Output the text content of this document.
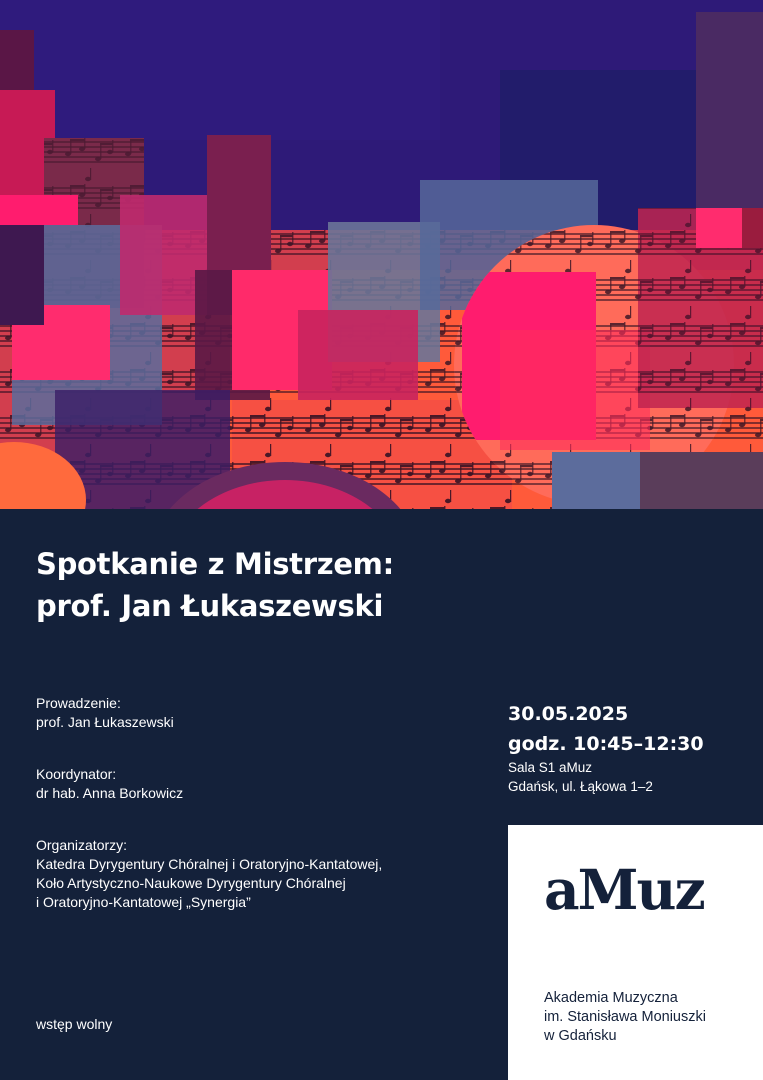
Spotkanie z Mistrzem:
prof. Jan Łukaszewski
Prowadzenie:
prof. Jan Łukaszewski
Koordynator:
dr hab. Anna Borkowicz
Organizatorzy:
Katedra Dyrygentury Chóralnej i Oratoryjno-Kantatowej,
Koło Artystyczno-Naukowe Dyrygentury Chóralnej
i Oratoryjno-Kantatowej „Synergia”
wstęp wolny
30.05.2025
godz. 10:45–12:30
Sala S1 aMuz
Gdańsk, ul. Łąkowa 1–2
aMuz
Akademia Muzyczna
im. Stanisława Moniuszki
w Gdańsku
